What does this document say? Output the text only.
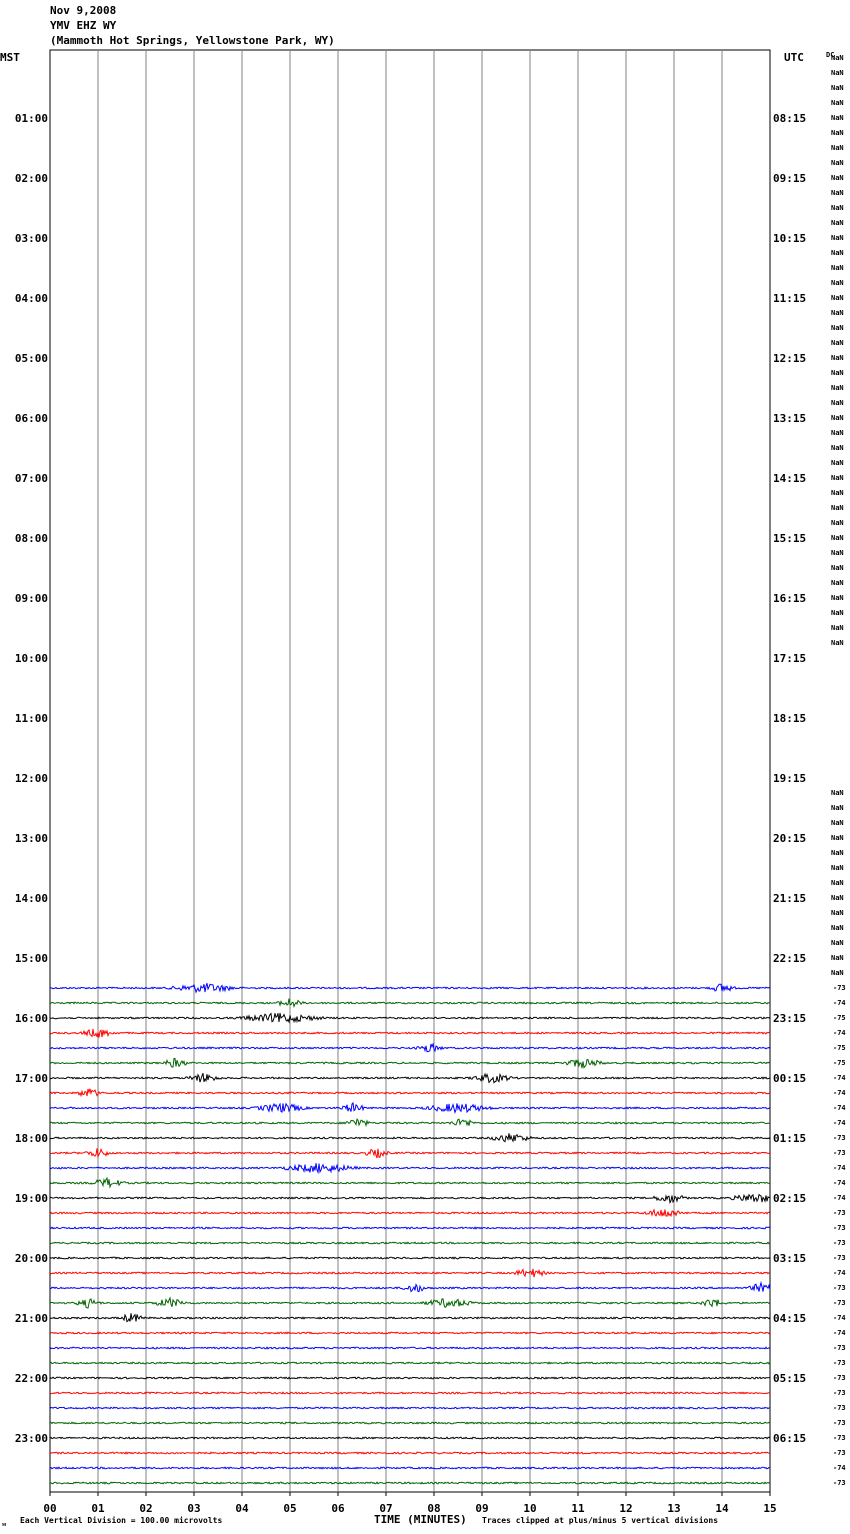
Nov 9,2008
YMV EHZ WY
(Mammoth Hot Springs, Yellowstone Park, WY)
MST	UTC	DC
01:00
02:00
03:00
04:00
05:00
06:00
07:00
08:00
09:00
10:00
11:00
12:00
13:00
14:00
15:00
16:00
17:00
18:00
19:00
20:00
21:00
22:00
23:00
08:15
09:15
10:15
11:15
12:15
13:15
14:15
15:15
16:15
17:15
18:15
19:15
20:15
21:15
22:15
23:15
00:15
01:15
02:15
03:15
04:15
05:15
06:15
NaN
NaN
NaN
NaN
NaN
NaN
NaN
NaN
NaN
NaN
NaN
NaN
NaN
NaN
NaN
NaN
NaN
NaN
NaN
NaN
NaN
NaN
NaN
NaN
NaN
NaN
NaN
NaN
NaN
NaN
NaN
NaN
NaN
NaN
NaN
NaN
NaN
NaN
NaN
NaN
NaN
NaN
NaN
NaN
NaN
NaN
NaN
NaN
NaN
NaN
NaN
NaN
NaN
-73
-74
-75
-74
-75
-75
-74
-74
-74
-74
-73
-73
-74
-74
-74
-73
-73
-73
-73
-74
-73
-73
-74
-74
-73
-73
-73
-73
-73
-73
-73
-73
-74
-73
00	01	02	03	04	05	06	07	08	09	10	11	12	13	14	15
ᴍ Each Vertical Division = 100.00 microvolts	TIME (MINUTES) Traces clipped at plus/minus 5 vertical divisions
